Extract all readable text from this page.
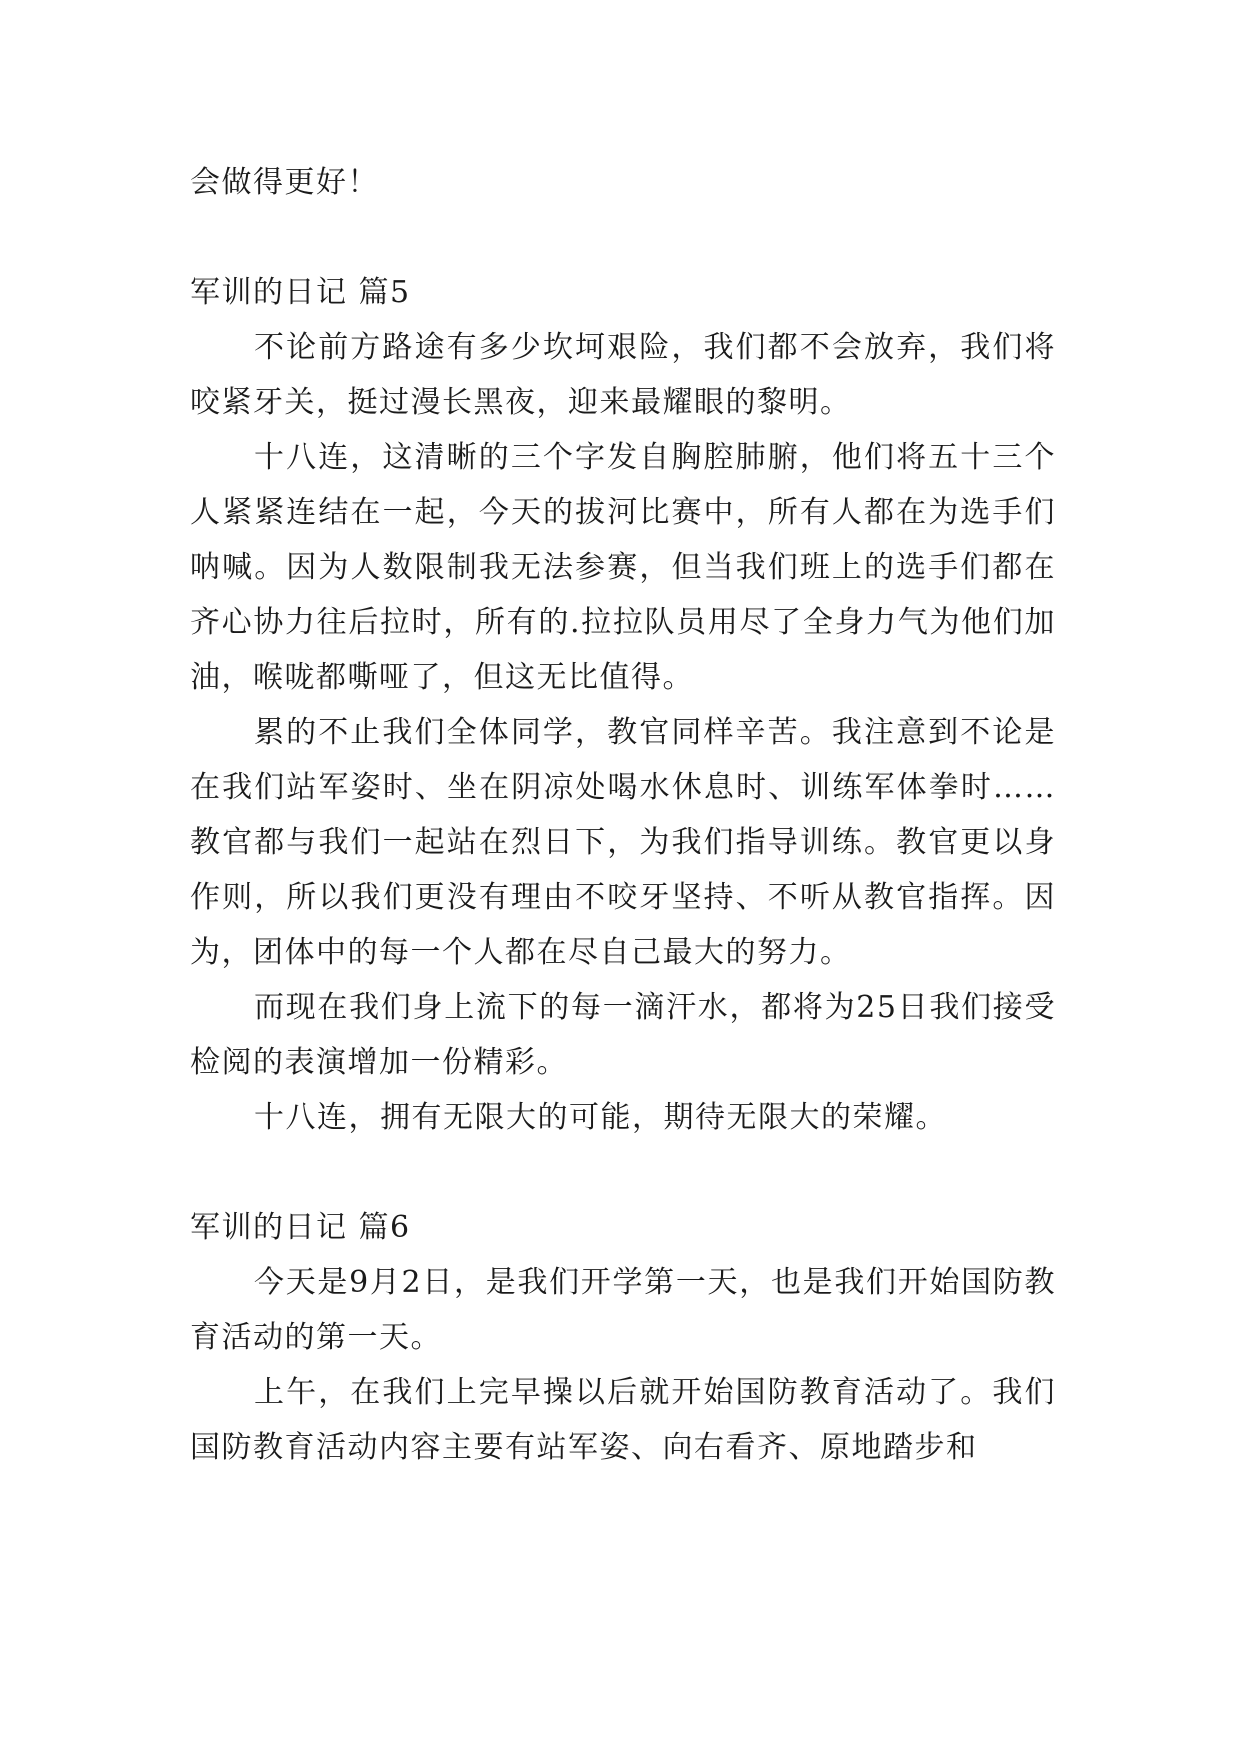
会做得更好！

军训的日记 篇5

不论前方路途有多少坎坷艰险，我们都不会放弃，我们将咬紧牙关，挺过漫长黑夜，迎来最耀眼的黎明。

十八连，这清晰的三个字发自胸腔肺腑，他们将五十三个人紧紧连结在一起，今天的拔河比赛中，所有人都在为选手们呐喊。因为人数限制我无法参赛，但当我们班上的选手们都在齐心协力往后拉时，所有的.拉拉队员用尽了全身力气为他们加油，喉咙都嘶哑了，但这无比值得。

累的不止我们全体同学，教官同样辛苦。我注意到不论是在我们站军姿时、坐在阴凉处喝水休息时、训练军体拳时……教官都与我们一起站在烈日下，为我们指导训练。教官更以身作则，所以我们更没有理由不咬牙坚持、不听从教官指挥。因为，团体中的每一个人都在尽自己最大的努力。

而现在我们身上流下的每一滴汗水，都将为25日我们接受检阅的表演增加一份精彩。

十八连，拥有无限大的可能，期待无限大的荣耀。

军训的日记 篇6

今天是9月2日，是我们开学第一天，也是我们开始国防教育活动的第一天。

上午，在我们上完早操以后就开始国防教育活动了。我们国防教育活动内容主要有站军姿、向右看齐、原地踏步和
